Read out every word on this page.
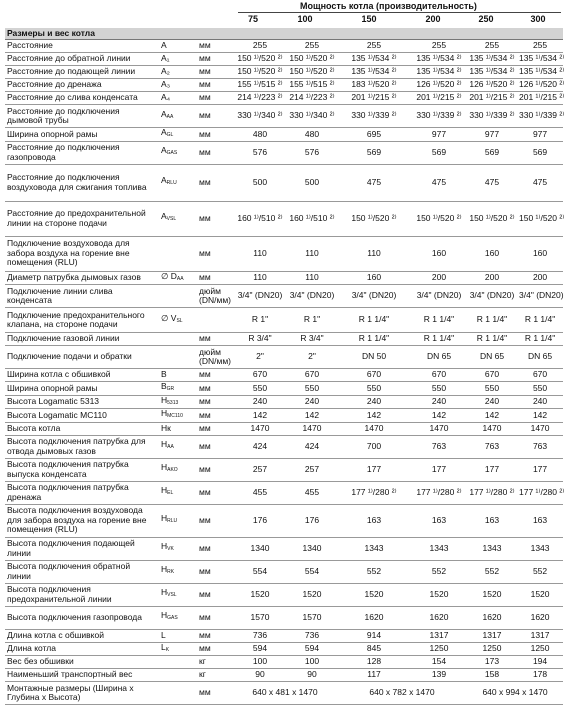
Мощность котла (производительность)
75	100	150	200	250	300
Размеры и вес котла								
Расстояние	A	мм	255	255	255	255	255	255
Расстояние до обратной линии	A₁	мм	150 ¹⁾/520 ²⁾	150 ¹⁾/520 ²⁾	135 ¹⁾/534 ²⁾	135 ¹⁾/534 ²⁾	135 ¹⁾/534 ²⁾	135 ¹⁾/534 ²⁾
Расстояние до подающей линии	A₂	мм	150 ¹⁾/520 ²⁾	150 ¹⁾/520 ²⁾	135 ¹⁾/534 ²⁾	135 ¹⁾/534 ²⁾	135 ¹⁾/534 ²⁾	135 ¹⁾/534 ²⁾
Расстояние до дренажа	A₃	мм	155 ¹⁾/515 ²⁾	155 ¹⁾/515 ²⁾	183 ¹⁾/520 ²⁾	126 ¹⁾/520 ²⁾	126 ¹⁾/520 ²⁾	126 ¹⁾/520 ²⁾
Расстояние до слива конденсата	A₄	мм	214 ¹⁾/223 ²⁾	214 ¹⁾/223 ²⁾	201 ¹⁾/215 ²⁾	201 ¹⁾/215 ²⁾	201 ¹⁾/215 ²⁾	201 ¹⁾/215 ²⁾
Расстояние до подключения дымовой трубы	$A_{AA}$	мм	330 ¹⁾/340 ²⁾	330 ¹⁾/340 ²⁾	330 ¹⁾/339 ²⁾	330 ¹⁾/339 ²⁾	330 ¹⁾/339 ²⁾	330 ¹⁾/339 ²⁾
Ширина опорной рамы	$A_{GL}$	мм	480	480	695	977	977	977
Расстояние до подключения газопровода	$A_{GAS}$	мм	576	576	569	569	569	569
Расстояние до подключения воздуховода для сжигания топлива	$A_{RLU}$	мм	500	500	475	475	475	475
Расстояние до предохранительной линии на стороне подачи	$A_{VSL}$	мм	160 ¹⁾/510 ²⁾	160 ¹⁾/510 ²⁾	150 ¹⁾/520 ²⁾	150 ¹⁾/520 ²⁾	150 ¹⁾/520 ²⁾	150 ¹⁾/520 ²⁾
Подключение воздуховода для забора воздуха на горение вне помещения (RLU)		мм	110	110	110	160	160	160
Диаметр патрубка дымовых газов	∅ $D_{AA}$	мм	110	110	160	200	200	200
Подключение линии слива конденсата		дюйм (DN/мм)	3/4" (DN20)	3/4" (DN20)	3/4" (DN20)	3/4" (DN20)	3/4" (DN20)	3/4" (DN20)
Подключение предохранительного клапана, на стороне подачи	∅ $V_{SL}$		R 1"	R 1"	R 1 1/4"	R 1 1/4"	R 1 1/4"	R 1 1/4"
Подключение газовой линии		мм	R 3/4"	R 3/4"	R 1 1/4"	R 1 1/4"	R 1 1/4"	R 1 1/4"
Подключение подачи и обратки		дюйм (DN/мм)	2"	2"	DN 50	DN 65	DN 65	DN 65
Ширина котла с обшивкой	B	мм	670	670	670	670	670	670
Ширина опорной рамы	$B_{GR}$	мм	550	550	550	550	550	550
Высота Logamatic 5313	$H_{5313}$	мм	240	240	240	240	240	240
Высота Logamatic MC110	$H_{MC110}$	мм	142	142	142	142	142	142
Высота котла	Hк	мм	1470	1470	1470	1470	1470	1470
Высота подключения патрубка для отвода дымовых газов	$H_{AA}$	мм	424	424	700	763	763	763
Высота подключения патрубка выпуска конденсата	$H_{AKO}$	мм	257	257	177	177	177	177
Высота подключения патрубка дренажа	$H_{EL}$	мм	455	455	177 ¹⁾/280 ²⁾	177 ¹⁾/280 ²⁾	177 ¹⁾/280 ²⁾	177 ¹⁾/280 ²⁾
Высота подключения воздуховода для забора воздуха на горение вне помещения (RLU)	$H_{RLU}$	мм	176	176	163	163	163	163
Высота подключения подающей линии	$H_{VK}$	мм	1340	1340	1343	1343	1343	1343
Высота подключения обратной линии	$H_{RK}$	мм	554	554	552	552	552	552
Высота подключения предохранительной линии	$H_{VSL}$	мм	1520	1520	1520	1520	1520	1520
Высота подключения газопровода	$H_{GAS}$	мм	1570	1570	1620	1620	1620	1620
Длина котла с обшивкой	L	мм	736	736	914	1317	1317	1317
Длина котла	$L_K$	мм	594	594	845	1250	1250	1250
Вес без обшивки		кг	100	100	128	154	173	194
Наименьший транспортный вес		кг	90	90	117	139	158	178
Монтажные размеры (Ширина x Глубина x Высота)		мм	640 x 481 x 1470		640 x 782 x 1470		640 x 994 x 1470	
